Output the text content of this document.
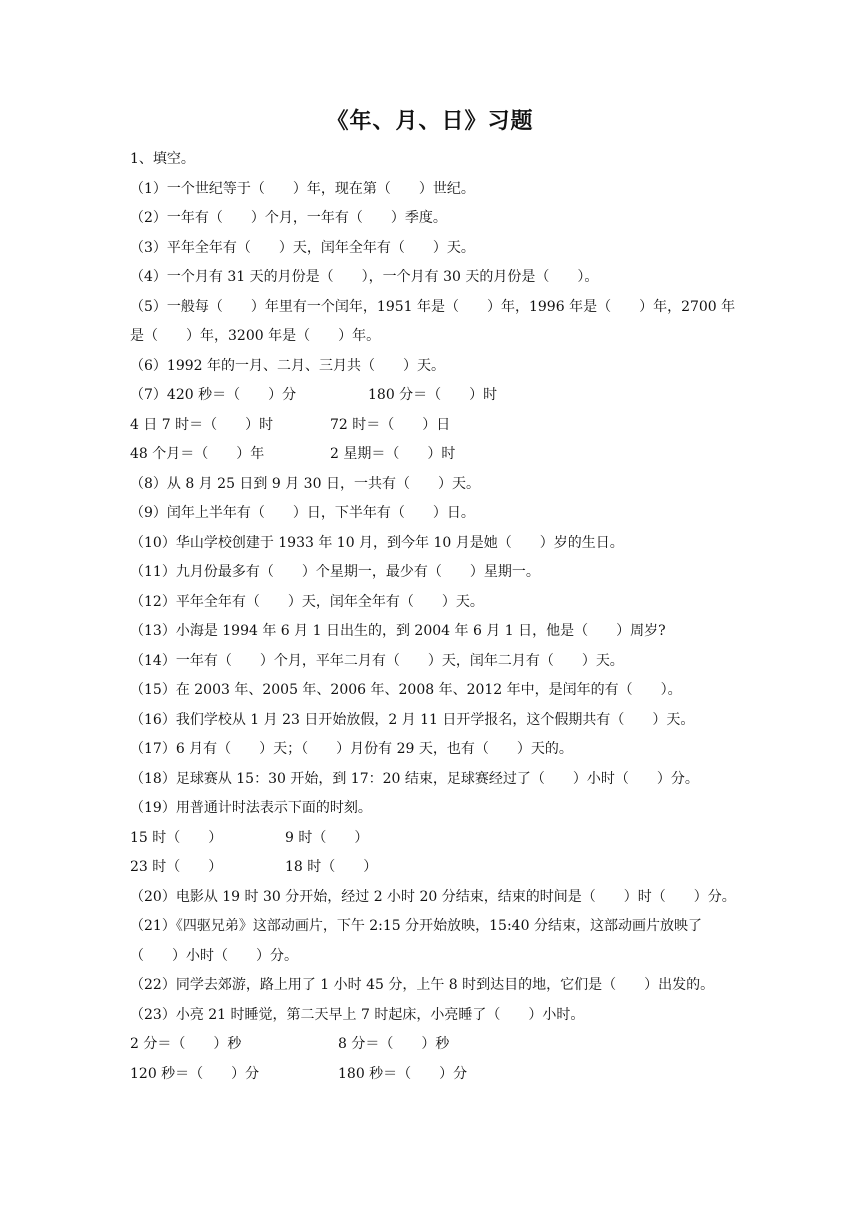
《年、月、日》习题
1、填空。
（1）一个世纪等于（　　）年，现在第（　　）世纪。
（2）一年有（　　）个月，一年有（　　）季度。
（3）平年全年有（　　）天，闰年全年有（　　）天。
（4）一个月有 31 天的月份是（　　），一个月有 30 天的月份是（　　）。
（5）一般每（　　）年里有一个闰年，1951 年是（　　）年，1996 年是（　　）年，2700 年
是（　　）年，3200 年是（　　）年。
（6）1992 年的一月、二月、三月共（　　）天。
（7）420 秒＝（　　）分	180 分＝（　　）时
4 日 7 时＝（　　）时	72 时＝（　　）日
48 个月＝（　　）年	2 星期＝（　　）时
（8）从 8 月 25 日到 9 月 30 日，一共有（　　）天。
（9）闰年上半年有（　　）日，下半年有（　　）日。
（10）华山学校创建于 1933 年 10 月，到今年 10 月是她（　　）岁的生日。
（11）九月份最多有（　　）个星期一，最少有（　　）星期一。
（12）平年全年有（　　）天，闰年全年有（　　）天。
（13）小海是 1994 年 6 月 1 日出生的，到 2004 年 6 月 1 日，他是（　　）周岁?
（14）一年有（　　）个月，平年二月有（　　）天，闰年二月有（　　）天。
（15）在 2003 年、2005 年、2006 年、2008 年、2012 年中，是闰年的有（　　）。
（16）我们学校从 1 月 23 日开始放假，2 月 11 日开学报名，这个假期共有（　　）天。
（17）6 月有（　　）天；（　　）月份有 29 天，也有（　　）天的。
（18）足球赛从 15：30 开始，到 17：20 结束，足球赛经过了（　　）小时（　　）分。
（19）用普通计时法表示下面的时刻。
15 时（　　）	9 时（　　）
23 时（　　）	18 时（　　）
（20）电影从 19 时 30 分开始，经过 2 小时 20 分结束，结束的时间是（　　）时（　　）分。
（21）《四驱兄弟》这部动画片，下午 2:15 分开始放映，15:40 分结束，这部动画片放映了
（　　）小时（　　）分。
（22）同学去郊游，路上用了 1 小时 45 分，上午 8 时到达目的地，它们是（　　）出发的。
（23）小亮 21 时睡觉，第二天早上 7 时起床，小亮睡了（　　）小时。
2 分＝（　　）秒	8 分＝（　　）秒
120 秒＝（　　）分	180 秒＝（　　）分
